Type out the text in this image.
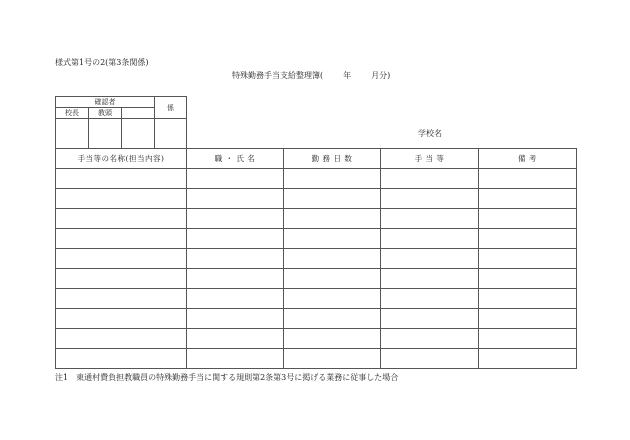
様式第1号の2(第3条関係)
特殊勤務手当支給整理簿(	年	月分)
確認者			係
校長	教頭		

学校名
手当等の名称(担当内容)	職 ・ 氏 名	勤 務 日 数	手 当 等	備 考

注1　東通村費負担教職員の特殊勤務手当に関する規則第2条第3号に掲げる業務に従事した場合
